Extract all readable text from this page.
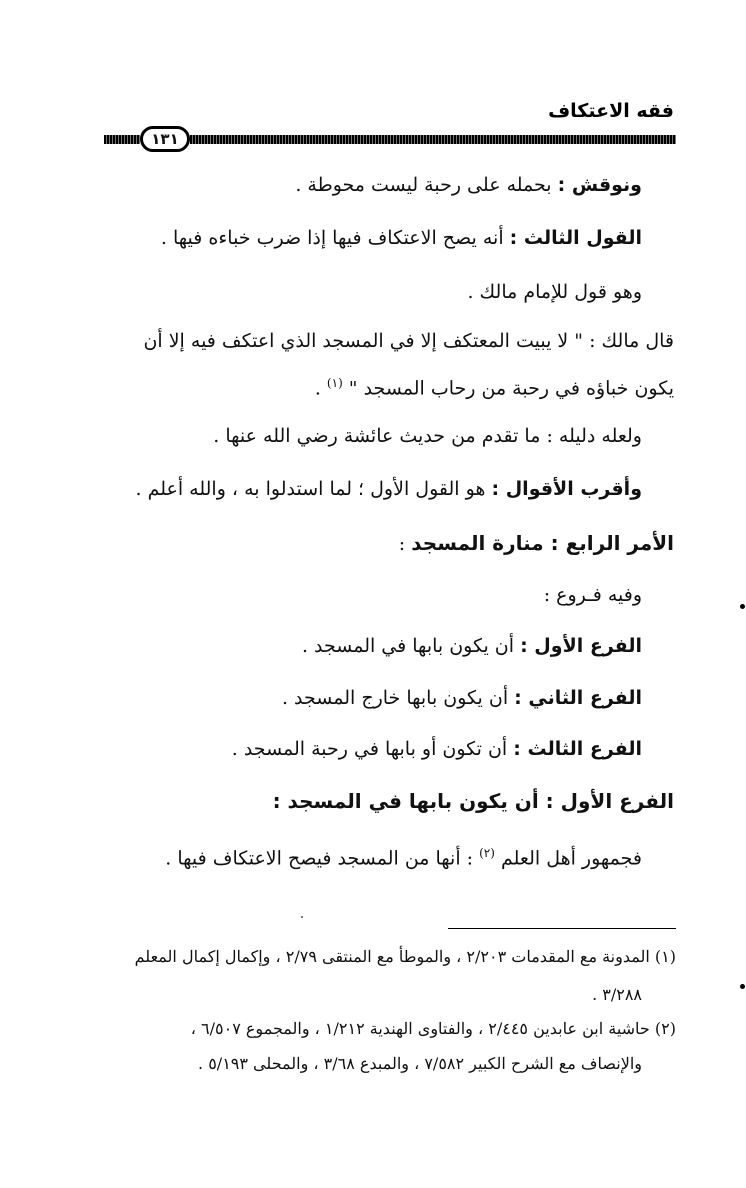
فقه الاعتكاف
١٣١
ونوقش : بحمله على رحبة ليست محوطة .
القول الثالث : أنه يصح الاعتكاف فيها إذا ضرب خباءه فيها .
وهو قول للإمام مالك .
قال مالك : " لا يبيت المعتكف إلا في المسجد الذي اعتكف فيه إلا أن
يكون خباؤه في رحبة من رحاب المسجد " $^{(١)}$ .
ولعله دليله : ما تقدم من حديث عائشة رضي الله عنها .
وأقرب الأقوال : هو القول الأول ؛ لما استدلوا به ، والله أعلم .
الأمر الرابع : منارة المسجد :
وفيه فـروع :
الفرع الأول : أن يكون بابها في المسجد .
الفرع الثاني : أن يكون بابها خارج المسجد .
الفرع الثالث : أن تكون أو بابها في رحبة المسجد .
الفرع الأول : أن يكون بابها في المسجد :
فجمهور أهل العلم $^{(٢)}$ : أنها من المسجد فيصح الاعتكاف فيها .
(١) المدونة مع المقدمات ٢/٢٠٣ ، والموطأ مع المنتقى ٢/٧٩ ، وإكمال إكمال المعلم
٣/٢٨٨ .
(٢) حاشية ابن عابدين ٢/٤٤٥ ، والفتاوى الهندية ١/٢١٢ ، والمجموع ٦/٥٠٧ ،
والإنصاف مع الشرح الكبير ٧/٥٨٢ ، والمبدع ٣/٦٨ ، والمحلى ٥/١٩٣ .
